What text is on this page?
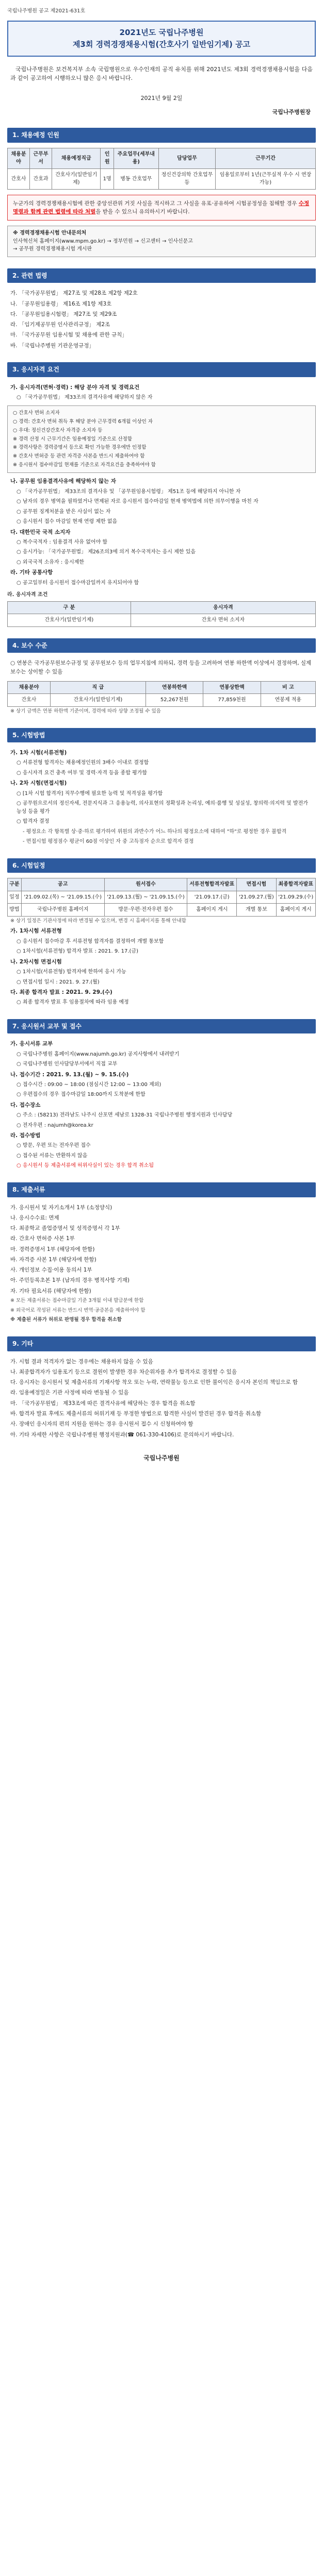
국립나주병원 공고 제2021-631호
2021년도 국립나주병원
제3회 경력경쟁채용시험(간호사기 일반임기제) 공고
국립나주병원은 보건복지부 소속 국립병원으로 우수인재의 공직 유치를 위해 2021년도 제3회 경력경쟁채용시험을 다음과 같이 공고하여 시행하오니 많은 응시 바랍니다.
2021년 9월 2일
국립나주병원장
1. 채용예정 인원
채용분야	근무부서	채용예정직급	인원	주요업무(세부내용)	담당업무	근무기간
간호사	간호과	간호사기(일반임기제)	1명	병동 간호업무	정신건강의학 간호업무 등	임용일로부터 1년(근무실적 우수 시 연장 가능)
누군가의 경력경쟁채용시험에 관한 중앙선관위 거짓 사실을 적시하고 그 사실을 유포·공유하여 시험공정성을 침해할 경우 수정명령과 함께 관련 법령에 따라 처벌을 받을 수 있으니 유의하시기 바랍니다.
※ 경력경쟁채용시험 안내문의처
인사혁신처 홈페이지(www.mpm.go.kr) → 정부민원 → 신고센터 → 인사신문고
→ 공무원 경력경쟁채용시험 게시판
2. 관련 법령
가. 「국가공무원법」 제27조 및 제28조 제2항 제2호
나. 「공무원임용령」 제16조 제1항 제3호
다. 「공무원임용시험령」 제27조 및 제29조
라. 「임기제공무원 인사관리규정」 제2조
마. 「국가공무원 임용시험 및 채용에 관한 규칙」
바. 「국립나주병원 기관운영규정」
3. 응시자격 요건
가. 응시자격(면허·경력) : 해당 분야 자격 및 경력요건
○ 「국가공무원법」 제33조의 결격사유에 해당하지 않은 자
○ 간호사 면허 소지자
○ 경력: 간호사 면허 취득 후 해당 분야 근무경력 6개월 이상인 자
○ 우대: 정신건강간호사 자격증 소지자 등
※ 경력 산정 시 근무기간은 임용예정일 기준으로 산정함
※ 경력사항은 경력증명서 등으로 확인 가능한 경우에만 인정함
※ 간호사 면허증 등 관련 자격증 사본을 반드시 제출하여야 함
※ 응시원서 접수마감일 현재를 기준으로 자격요건을 충족하여야 함
나. 공무원 임용결격사유에 해당하지 않는 자
○ 「국가공무원법」 제33조의 결격사유 및 「공무원임용시험령」 제51조 등에 해당하지 아니한 자
○ 남자의 경우 병역을 필하였거나 면제된 자로 응시원서 접수마감일 현재 병역법에 의한 의무이행을 마친 자
○ 공무원 징계처분을 받은 사실이 없는 자
○ 응시원서 접수 마감일 현재 연령 제한 없음
다. 대한민국 국적 소지자
○ 복수국적자 : 임용결격 사유 없어야 함
○ 응시가능: 「국가공무원법」 제26조의3에 의거 복수국적자는 응시 제한 있음
○ 외국국적 소유자 : 응시제한
라. 기타 공통사항
○ 공고일부터 응시원서 접수마감일까지 유지되어야 함
라. 응시자격 조건
구 분	응시자격
간호사기(일반임기제)	간호사 면허 소지자
4. 보수 수준
○ 연봉은 국가공무원보수규정 및 공무원보수 등의 업무지침에 의하되, 경력 등을 고려하여 연봉 하한액 이상에서 결정하며, 실제 보수는 상이할 수 있음
채용분야	직 급	연봉하한액	연봉상한액	비 고
간호사	간호사기(일반임기제)	52,267천원	77,859천원	연봉제 적용
※ 상기 금액은 연봉 하한액 기준이며, 경력에 따라 상향 조정될 수 있음
5. 시험방법
가. 1차 시험(서류전형)
○ 서류전형 합격자는 채용예정인원의 3배수 이내로 결정함
○ 응시자격 요건 충족 여부 및 경력·자격 등을 종합 평가함
나. 2차 시험(면접시험)
○ [1차 시험 합격자] 직무수행에 필요한 능력 및 적격성을 평가함
○ 공무원으로서의 정신자세, 전문지식과 그 응용능력, 의사표현의 정확성과 논리성, 예의·품행 및 성실성, 창의력·의지력 및 발전가능성 등을 평가
○ 합격자 결정
- 평정요소 각 항목별 상·중·하로 평가하여 위원의 과반수가 어느 하나의 평정요소에 대하여 "하"로 평정한 경우 불합격
- 면접시험 평정점수 평균이 60점 이상인 자 중 고득점자 순으로 합격자 결정
6. 시험일정
구분	공고	원서접수	서류전형합격자발표	면접시험	최종합격자발표
일정	'21.09.02.(목) ~ '21.09.15.(수)	'21.09.13.(월) ~ '21.09.15.(수)	'21.09.17.(금)	'21.09.27.(월)	'21.09.29.(수)
방법	국립나주병원 홈페이지	방문·우편·전자우편 접수	홈페이지 게시	개별 통보	홈페이지 게시
※ 상기 일정은 기관사정에 따라 변경될 수 있으며, 변경 시 홈페이지를 통해 안내함
가. 1차시험 서류전형
○ 응시원서 접수마감 후 서류전형 합격자를 결정하여 개별 통보함
○ 1차시험(서류전형) 합격자 발표 : 2021. 9. 17.(금)
나. 2차시험 면접시험
○ 1차시험(서류전형) 합격자에 한하여 응시 가능
○ 면접시험 일시 : 2021. 9. 27.(월)
다. 최종 합격자 발표 : 2021. 9. 29.(수)
○ 최종 합격자 발표 후 임용절차에 따라 임용 예정
7. 응시원서 교부 및 접수
가. 응시서류 교부
○ 국립나주병원 홈페이지(www.najumh.go.kr) 공지사항에서 내려받기
○ 국립나주병원 인사담당부서에서 직접 교부
나. 접수기간 : 2021. 9. 13.(월) ~ 9. 15.(수)
○ 접수시간 : 09:00 ~ 18:00 (점심시간 12:00 ~ 13:00 제외)
○ 우편접수의 경우 접수마감일 18:00까지 도착분에 한함
다. 접수장소
○ 주소 : (58213) 전라남도 나주시 산포면 세남로 1328-31 국립나주병원 행정지원과 인사담당
○ 전자우편 : najumh@korea.kr
라. 접수방법
○ 방문, 우편 또는 전자우편 접수
○ 접수된 서류는 반환하지 않음
○ 응시원서 등 제출서류에 허위사실이 있는 경우 합격 취소됨
8. 제출서류
가. 응시원서 및 자기소개서 1부 (소정양식)
나. 응시수수료: 면제
다. 최종학교 졸업증명서 및 성적증명서 각 1부
라. 간호사 면허증 사본 1부
마. 경력증명서 1부 (해당자에 한함)
바. 자격증 사본 1부 (해당자에 한함)
사. 개인정보 수집·이용 동의서 1부
아. 주민등록초본 1부 (남자의 경우 병적사항 기재)
자. 기타 필요서류 (해당자에 한함)
※ 모든 제출서류는 접수마감일 기준 3개월 이내 발급분에 한함
※ 외국어로 작성된 서류는 반드시 번역·공증본을 제출하여야 함
※ 제출된 서류가 허위로 판명될 경우 합격을 취소함
9. 기타
가. 시험 결과 적격자가 없는 경우에는 채용하지 않을 수 있음
나. 최종합격자가 임용포기 등으로 결원이 발생한 경우 차순위자를 추가 합격자로 결정할 수 있음
다. 응시자는 응시원서 및 제출서류의 기재사항 착오 또는 누락, 연락불능 등으로 인한 불이익은 응시자 본인의 책임으로 함
라. 임용예정일은 기관 사정에 따라 변동될 수 있음
마. 「국가공무원법」 제33조에 따른 결격사유에 해당하는 경우 합격을 취소함
바. 합격자 발표 후에도 제출서류의 허위기재 등 부정한 방법으로 합격한 사실이 발견된 경우 합격을 취소함
사. 장애인 응시자의 편의 지원을 원하는 경우 응시원서 접수 시 신청하여야 함
아. 기타 자세한 사항은 국립나주병원 행정지원과(☎ 061-330-4106)로 문의하시기 바랍니다.
국립나주병원
